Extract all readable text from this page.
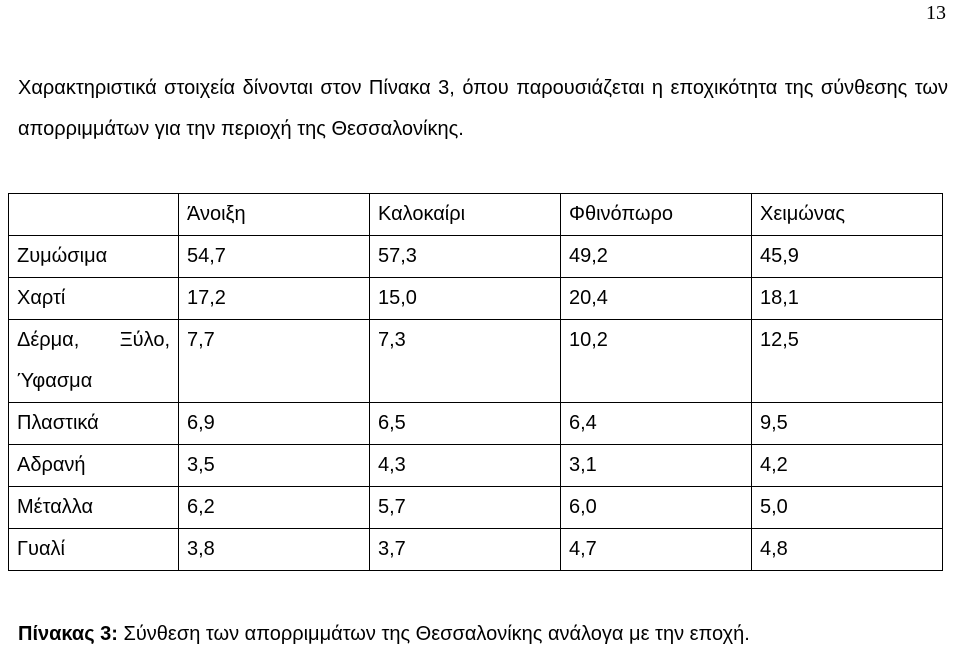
13

Χαρακτηριστικά στοιχεία δίνονται στον Πίνακα 3, όπου παρουσιάζεται η εποχικότητα της σύνθεσης των απορριμμάτων για την περιοχή της Θεσσαλονίκης.

	Άνοιξη	Καλοκαίρι	Φθινόπωρο	Χειμώνας
Ζυμώσιμα	54,7	57,3	49,2	45,9
Χαρτί	17,2	15,0	20,4	18,1

Δέρμα, Ξύλο,
Ύφασμα	7,7	7,3	10,2	12,5
Πλαστικά	6,9	6,5	6,4	9,5
Αδρανή	3,5	4,3	3,1	4,2
Μέταλλα	6,2	5,7	6,0	5,0
Γυαλί	3,8	3,7	4,7	4,8

Πίνακας 3: Σύνθεση των απορριμμάτων της Θεσσαλονίκης ανάλογα με την εποχή.
